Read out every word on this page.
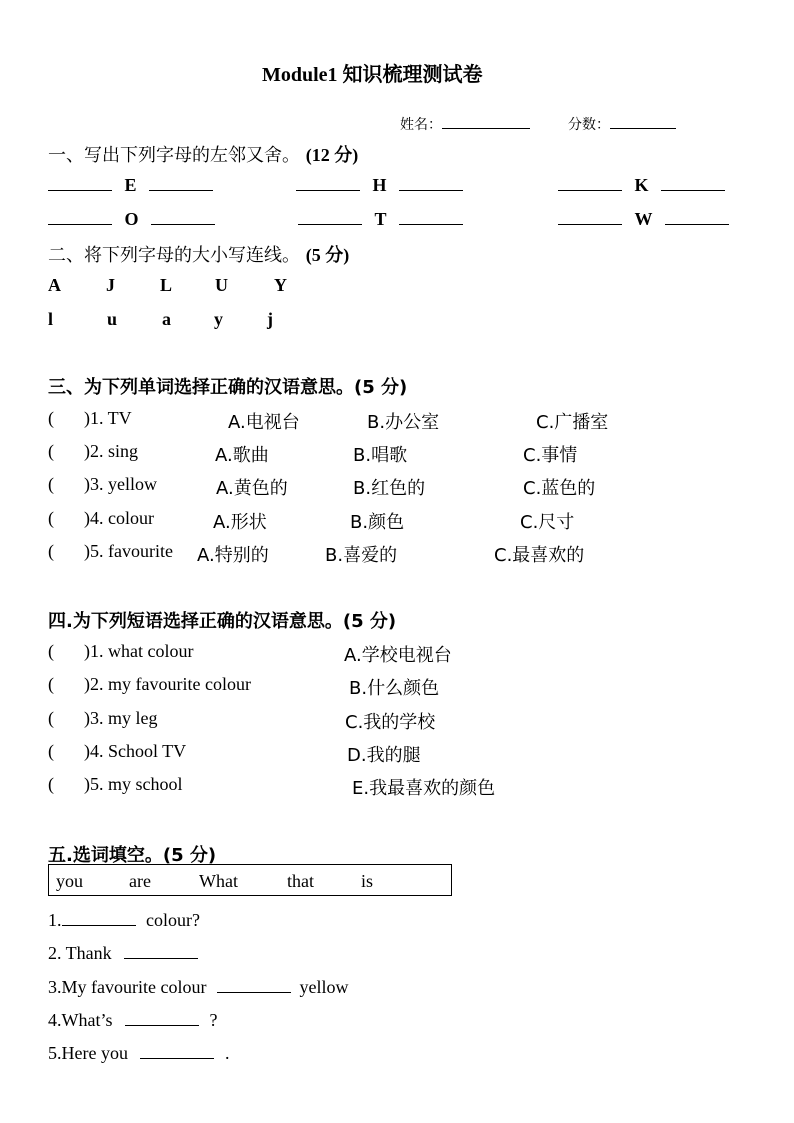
Module1 知识梳理测试卷
姓名：	分数：
一、写出下列字母的左邻又舍。 (12 分)
E	H	K
O	T	W
二、将下列字母的大小写连线。 (5 分)
A	J	L U	Y
l	u a y j
三、为下列单词选择正确的汉语意思。(5 分)
( )1. TV	A.电视台	B.办公室	C.广播室
( )2. sing	A.歌曲	B.唱歌	C.事情
( )3. yellow	A.黄色的	B.红色的	C.蓝色的
( )4. colour	A.形状	B.颜色	C.尺寸
( )5. favourite A.特别的	B.喜爱的	C.最喜欢的
四.为下列短语选择正确的汉语意思。(5 分)
( )1. what colour	A.学校电视台
( )2. my favourite colour	B.什么颜色
( )3. my leg	C.我的学校
( )4. School TV	D.我的腿
( )5. my school	E.我最喜欢的颜色
五.选词填空。(5 分)
you	are	What	that	is
1.	colour?
2. Thank
3.My favourite colour	yellow
4.What’s	?
5.Here you	.
